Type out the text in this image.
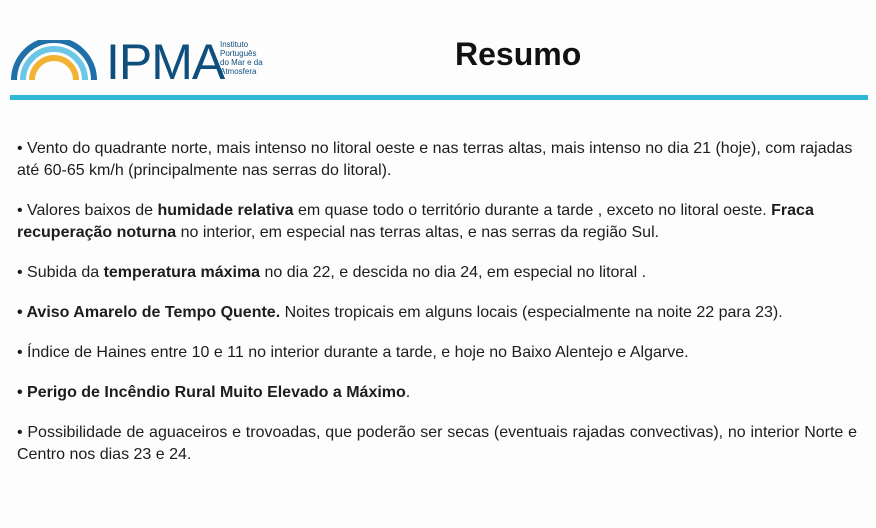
IPMA
Instituto
Português
do Mar e da
Atmosfera	Resumo
• Vento do quadrante norte, mais intenso no litoral oeste e nas terras altas, mais intenso no dia 21 (hoje), com rajadas até 60-65 km/h (principalmente nas serras do litoral).
• Valores baixos de humidade relativa em quase todo o território durante a tarde , exceto no litoral oeste. Fraca recuperação noturna no interior, em especial nas terras altas, e nas serras da região Sul.
• Subida da temperatura máxima no dia 22, e descida no dia 24, em especial no litoral .
• Aviso Amarelo de Tempo Quente. Noites tropicais em alguns locais (especialmente na noite 22 para 23).
• Índice de Haines entre 10 e 11 no interior durante a tarde, e hoje no Baixo Alentejo e Algarve.
• Perigo de Incêndio Rural Muito Elevado a Máximo.
• Possibilidade de aguaceiros e trovoadas, que poderão ser secas (eventuais rajadas convectivas), no interior Norte e Centro nos dias 23 e 24.
